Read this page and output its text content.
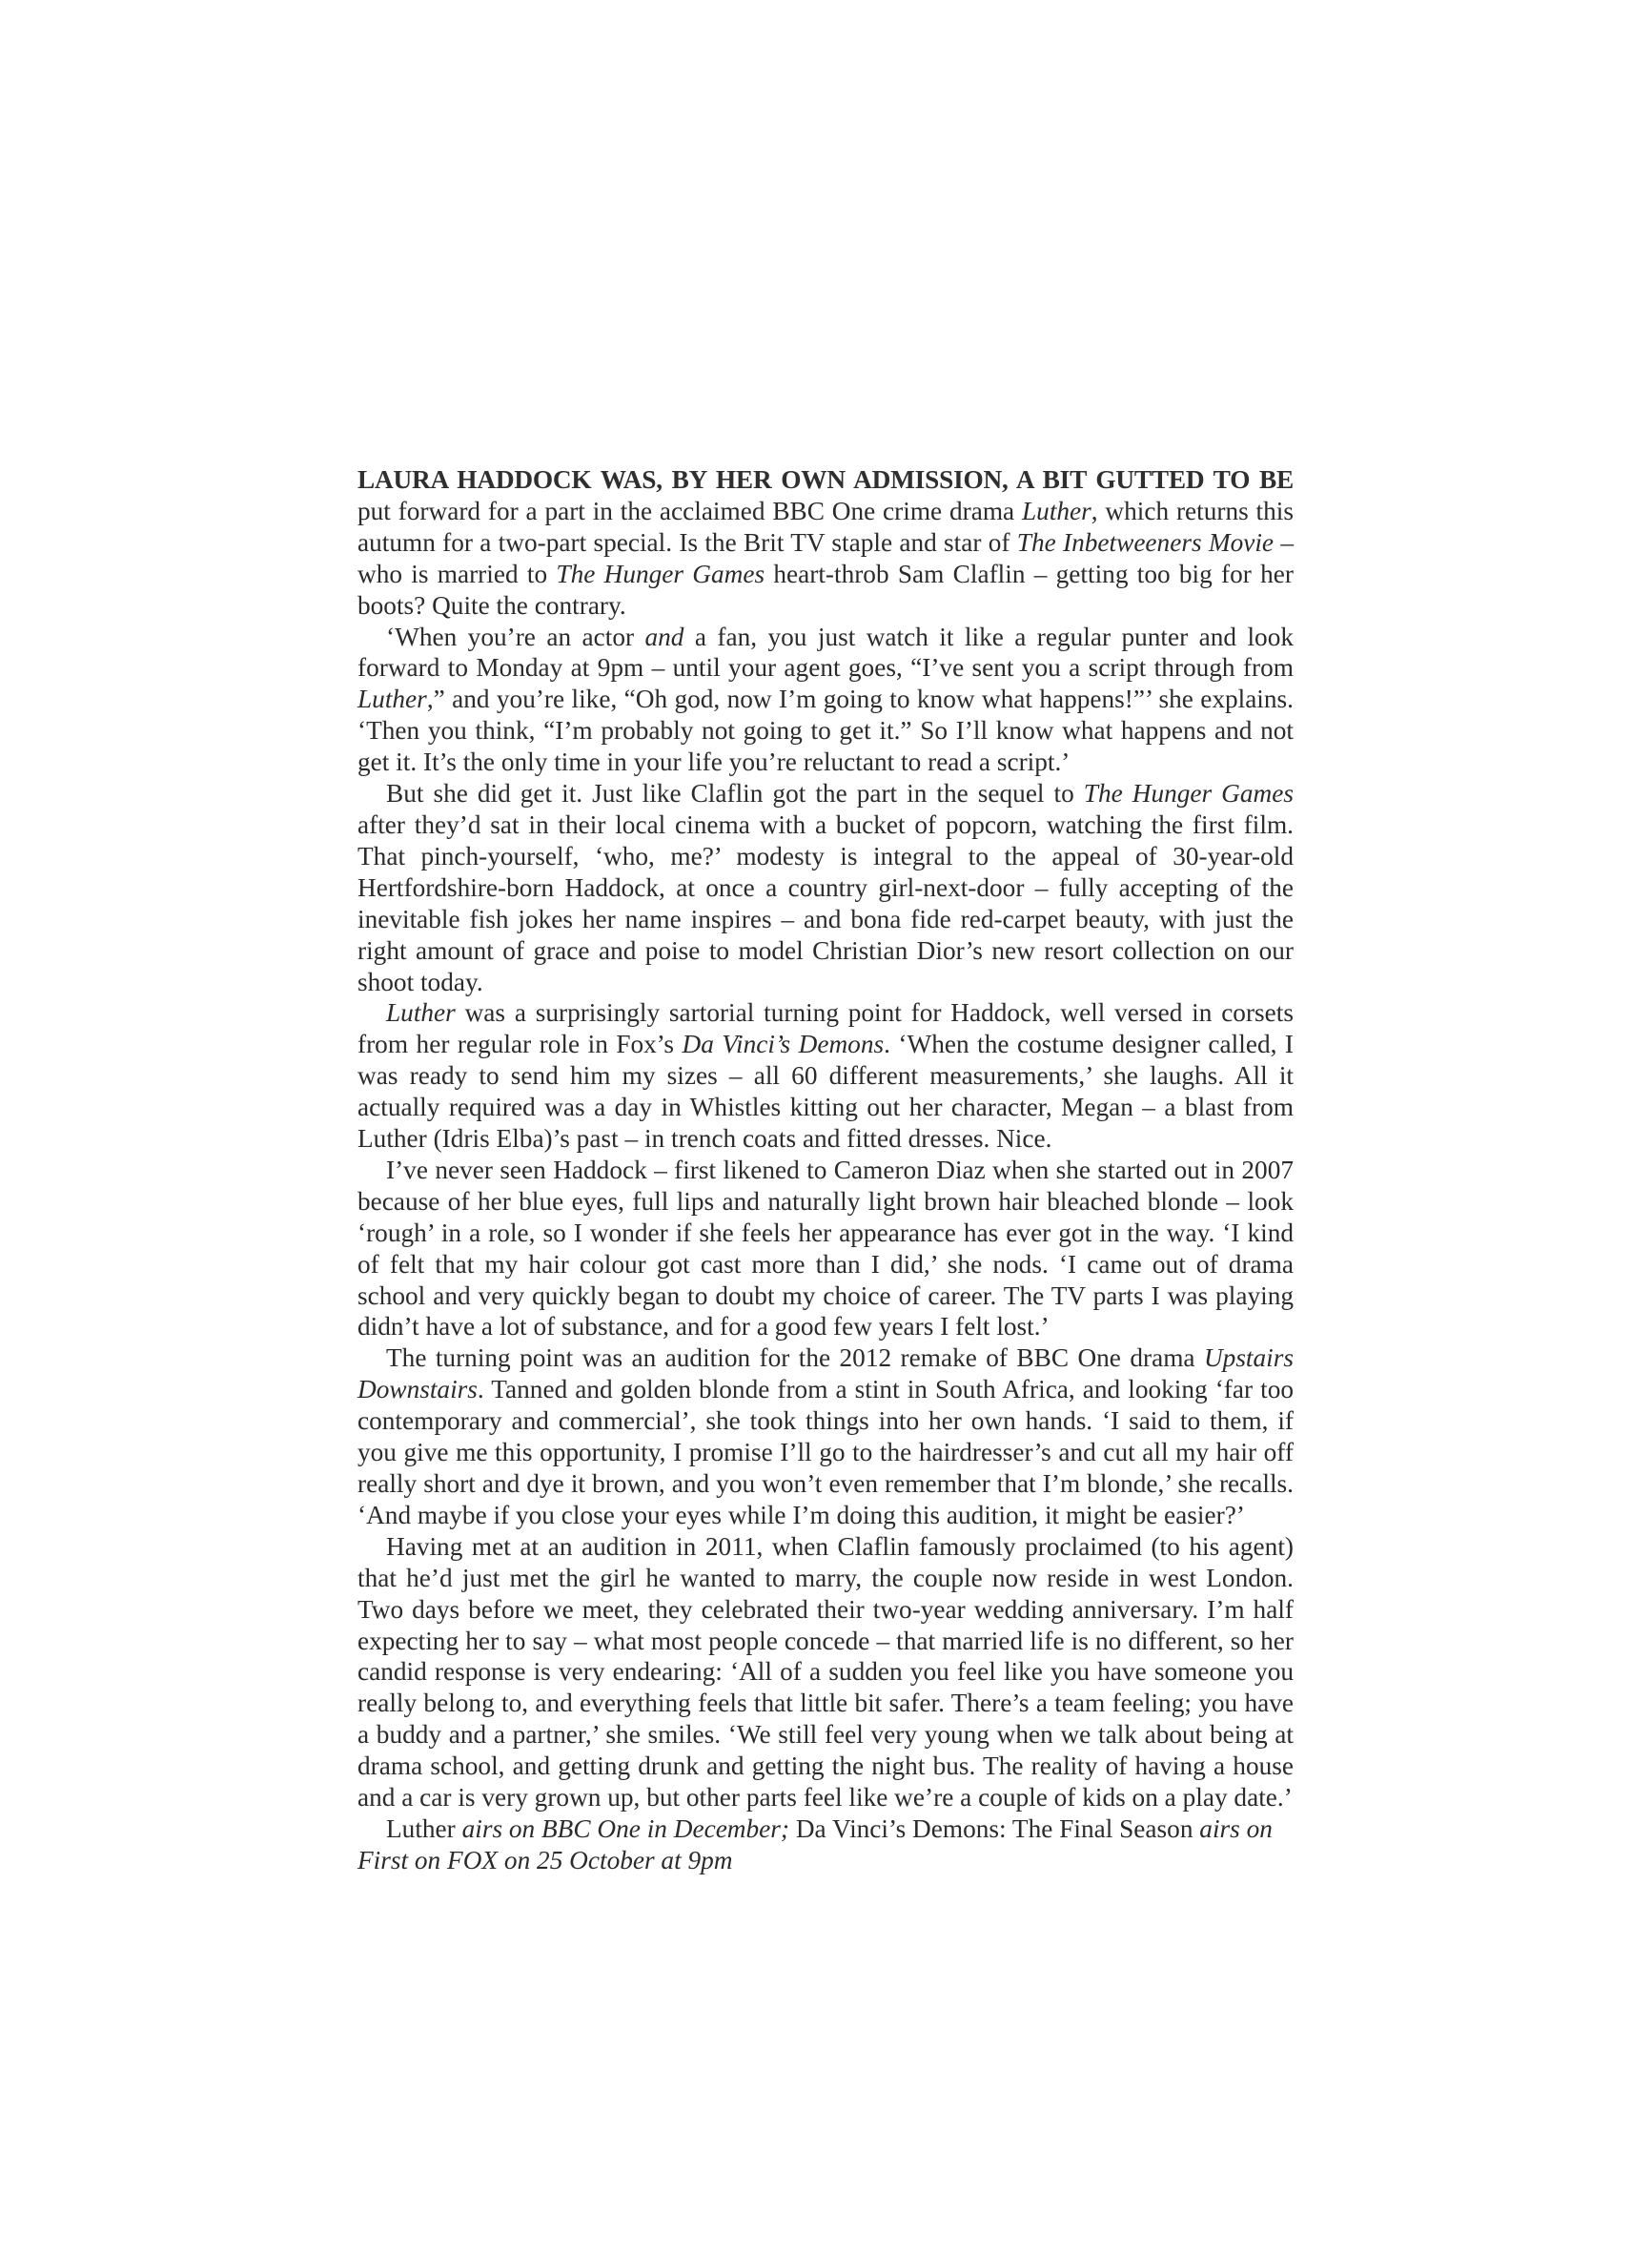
LAURA HADDOCK WAS, BY HER OWN ADMISSION, A BIT GUTTED TO BE put forward for a part in the acclaimed BBC One crime drama Luther, which returns this autumn for a two-part special. Is the Brit TV staple and star of The Inbetweeners Movie – who is married to The Hunger Games heart-throb Sam Claflin – getting too big for her boots? Quite the contrary.

‘When you’re an actor and a fan, you just watch it like a regular punter and look forward to Monday at 9pm – until your agent goes, “I’ve sent you a script through from Luther,” and you’re like, “Oh god, now I’m going to know what happens!”’ she explains. ‘Then you think, “I’m probably not going to get it.” So I’ll know what happens and not get it. It’s the only time in your life you’re reluctant to read a script.’

But she did get it. Just like Claflin got the part in the sequel to The Hunger Games after they’d sat in their local cinema with a bucket of popcorn, watching the first film. That pinch-yourself, ‘who, me?’ modesty is integral to the appeal of 30-year-old Hertfordshire-born Haddock, at once a country girl-next-door – fully accepting of the inevitable fish jokes her name inspires – and bona fide red-carpet beauty, with just the right amount of grace and poise to model Christian Dior’s new resort collection on our shoot today.

Luther was a surprisingly sartorial turning point for Haddock, well versed in corsets from her regular role in Fox’s Da Vinci’s Demons. ‘When the costume designer called, I was ready to send him my sizes – all 60 different measurements,’ she laughs. All it actually required was a day in Whistles kitting out her character, Megan – a blast from Luther (Idris Elba)’s past – in trench coats and fitted dresses. Nice.

I’ve never seen Haddock – first likened to Cameron Diaz when she started out in 2007 because of her blue eyes, full lips and naturally light brown hair bleached blonde – look ‘rough’ in a role, so I wonder if she feels her appearance has ever got in the way. ‘I kind of felt that my hair colour got cast more than I did,’ she nods. ‘I came out of drama school and very quickly began to doubt my choice of career. The TV parts I was playing didn’t have a lot of substance, and for a good few years I felt lost.’

The turning point was an audition for the 2012 remake of BBC One drama Upstairs Downstairs. Tanned and golden blonde from a stint in South Africa, and looking ‘far too contemporary and commercial’, she took things into her own hands. ‘I said to them, if you give me this opportunity, I promise I’ll go to the hairdresser’s and cut all my hair off really short and dye it brown, and you won’t even remember that I’m blonde,’ she recalls. ‘And maybe if you close your eyes while I’m doing this audition, it might be easier?’

Having met at an audition in 2011, when Claflin famously proclaimed (to his agent) that he’d just met the girl he wanted to marry, the couple now reside in west London. Two days before we meet, they celebrated their two-year wedding anniversary. I’m half expecting her to say – what most people concede – that married life is no different, so her candid response is very endearing: ‘All of a sudden you feel like you have someone you really belong to, and everything feels that little bit safer. There’s a team feeling; you have a buddy and a partner,’ she smiles. ‘We still feel very young when we talk about being at drama school, and getting drunk and getting the night bus. The reality of having a house and a car is very grown up, but other parts feel like we’re a couple of kids on a play date.’

Luther airs on BBC One in December; Da Vinci’s Demons: The Final Season airs on First on FOX on 25 October at 9pm
